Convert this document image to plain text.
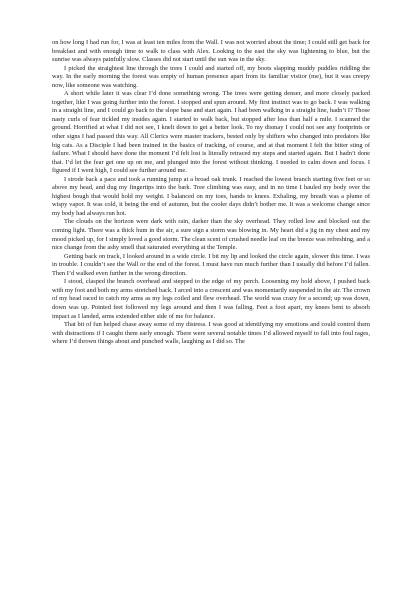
on how long I had run for, I was at least ten miles from the Wall. I was not worried about the time; I could still get back for breakfast and with enough time to walk to class with Alex. Looking to the east the sky was lightening to blue, but the sunrise was always painfully slow. Classes did not start until the sun was in the sky.

I picked the straightest line through the trees I could and started off, my boots slapping muddy puddles riddling the way. In the early morning the forest was empty of human presence apart from its familiar visitor (me), but it was creepy now, like someone was watching.

A short while later it was clear I’d done something wrong. The trees were getting denser, and more closely packed together, like I was going further into the forest. I stopped and spun around. My first instinct was to go back. I was walking in a straight line, and I could go back to the slope base and start again. I had been walking in a straight line, hadn’t I? Those nasty curls of fear tickled my insides again. I started to walk back, but stopped after less than half a mile. I scanned the ground. Horrified at what I did not see, I knelt down to get a better look. To my dismay I could not see any footprints or other signs I had passed this way. All Clerics were master trackers, bested only by shifters who changed into predators like big cats. As a Disciple I had been trained in the basics of tracking, of course, and at that moment I felt the bitter sting of failure. What I should have done the moment I’d felt lost is literally retraced my steps and started again. But I hadn’t done that. I’d let the fear get one up on me, and plunged into the forest without thinking. I needed to calm down and focus. I figured if I went high, I could see further around me.

I strode back a pace and took a running jump at a broad oak trunk. I reached the lowest branch starting five feet or so above my head, and dug my fingertips into the bark. Tree climbing was easy, and in no time I hauled my body over the highest bough that would hold my weight. I balanced on my toes, hands to knees. Exhaling, my breath was a plume of wispy vapor. It was cold, it being the end of autumn, but the cooler days didn’t bother me. It was a welcome change since my body had always run hot.

The clouds on the horizon were dark with rain, darker than the sky overhead. They rolled low and blocked out the coming light. There was a thick hum in the air, a sure sign a storm was blowing in. My heart did a jig in my chest and my mood picked up, for I simply loved a good storm. The clean scent of crushed needle leaf on the breeze was refreshing, and a nice change from the ashy smell that saturated everything at the Temple.

Getting back on track, I looked around in a wide circle. I bit my lip and looked the circle again, slower this time. I was in trouble. I couldn’t see the Wall or the end of the forest. I must have run much further than I usually did before I’d fallen. Then I’d walked even further in the wrong direction.

I stood, clasped the branch overhead and stepped to the edge of my perch. Loosening my hold above, I pushed back with my foot and both my arms stretched back. I arced into a crescent and was momentarily suspended in the air. The crown of my head raced to catch my arms as my legs coiled and flew overhead. The world was crazy for a second; up was down, down was up. Pointed feet followed my legs around and then I was falling. Feet a foot apart, my knees bent to absorb impact as I landed, arms extended either side of me for balance.

That bit of fun helped chase away some of my distress. I was good at identifying my emotions and could control them with distractions if I caught them early enough. There were several notable times I’d allowed myself to fall into foul rages, where I’d thrown things about and punched walls, laughing as I did so. The
